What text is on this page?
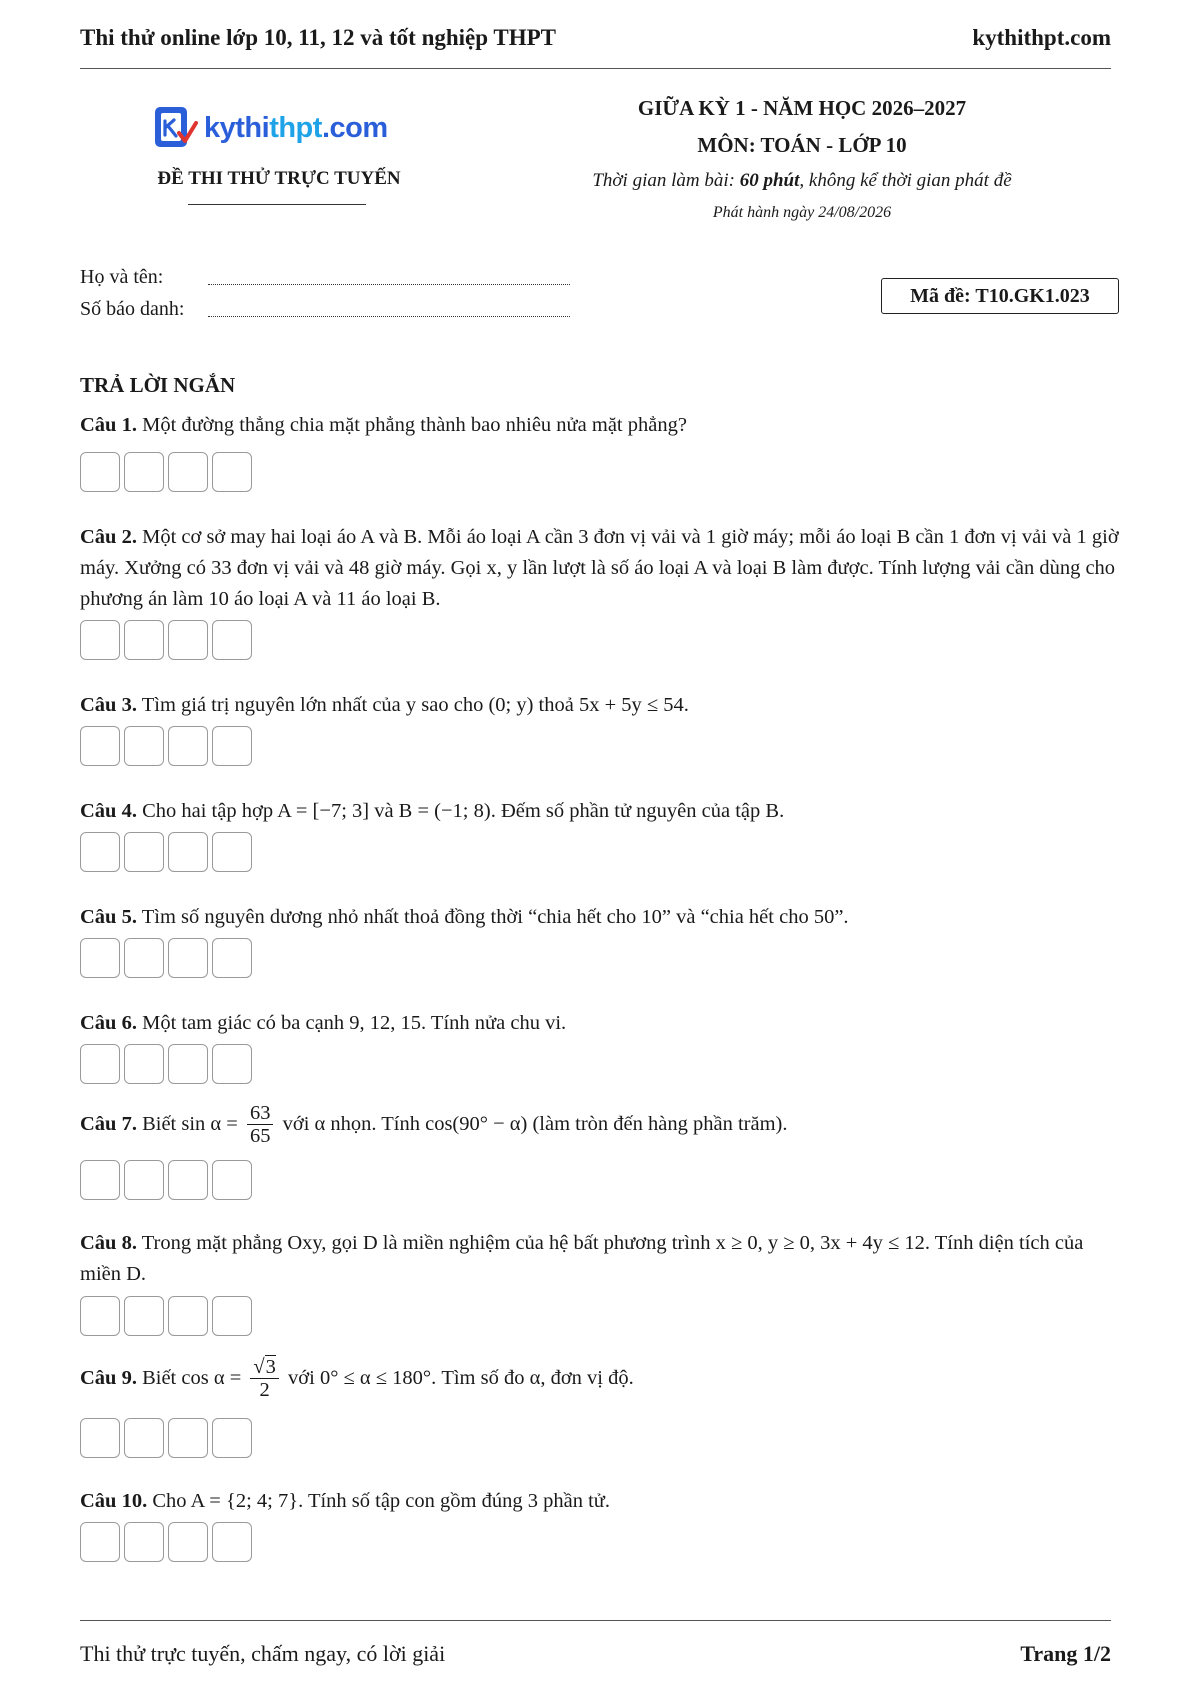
Thi thử online lớp 10, 11, 12 và tốt nghiệp THPT	kythithpt.com
kythithpt.com
ĐỀ THI THỬ TRỰC TUYẾN
GIỮA KỲ 1 - NĂM HỌC 2026–2027
MÔN: TOÁN - LỚP 10
Thời gian làm bài: 60 phút, không kể thời gian phát đề
Phát hành ngày 24/08/2026
Họ và tên:
Số báo danh:
Mã đề: T10.GK1.023
TRẢ LỜI NGẮN
Câu 1. Một đường thẳng chia mặt phẳng thành bao nhiêu nửa mặt phẳng?
Câu 2. Một cơ sở may hai loại áo A và B. Mỗi áo loại A cần 3 đơn vị vải và 1 giờ máy; mỗi áo loại B cần 1 đơn vị vải và 1 giờ máy. Xưởng có 33 đơn vị vải và 48 giờ máy. Gọi x, y lần lượt là số áo loại A và loại B làm được. Tính lượng vải cần dùng cho phương án làm 10 áo loại A và 11 áo loại B.
Câu 3. Tìm giá trị nguyên lớn nhất của y sao cho (0; y) thoả 5x + 5y ≤ 54.
Câu 4. Cho hai tập hợp A = [−7; 3] và B = (−1; 8). Đếm số phần tử nguyên của tập B.
Câu 5. Tìm số nguyên dương nhỏ nhất thoả đồng thời “chia hết cho 10” và “chia hết cho 50”.
Câu 6. Một tam giác có ba cạnh 9, 12, 15. Tính nửa chu vi.
Câu 7. Biết $\sin \alpha = \frac{63}{65}$ với α nhọn. Tính cos(90° − α) (làm tròn đến hàng phần trăm).
Câu 8. Trong mặt phẳng Oxy, gọi D là miền nghiệm của hệ bất phương trình x ≥ 0, y ≥ 0, 3x + 4y ≤ 12. Tính diện tích của miền D.
Câu 9. Biết $\cos \alpha = \frac{√3}{2}$ với 0° ≤ α ≤ 180°. Tìm số đo α, đơn vị độ.
Câu 10. Cho A = {2; 4; 7}. Tính số tập con gồm đúng 3 phần tử.
Thi thử trực tuyến, chấm ngay, có lời giải	Trang 1/2
